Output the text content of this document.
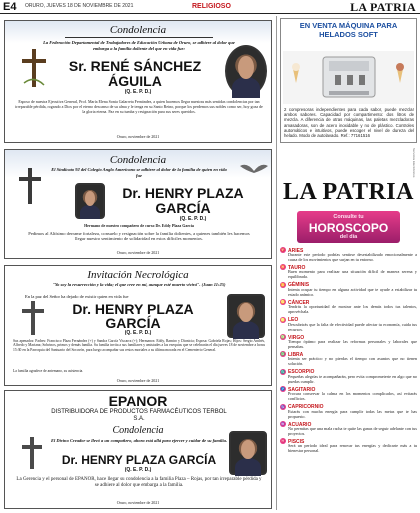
E4 ORURO, JUEVES 18 DE NOVIEMBRE DE 2021	RELIGIOSO	LA PATRIA
Condolencia
La Federación Departamental de Trabajadores de Educación Urbana de Oruro, se adhiere al dolor que embarga a la familia doliente del que en vida fue:
Sr. RENÉ SÁNCHEZ
ÁGUILA
(Q. E. P. D.)
Esposo de nuestra Ejecutiva General, Prof. María Elena Sonia Galarreta Fernández, a quien hacemos llegar nuestras más sentidas condolencias por tan irreparable pérdida, rogando a Dios por el eterno descanso de su alma y le tenga en su Santo Reino, porque los perdemos sus nobles como ser, hoy goza de la gloria eterna. Paz en su tumba y resignación para sus seres queridos.
Oruro, noviembre de 2021
Condolencia
El Sindicato 92 del Colegio Anglo Americano se adhiere al dolor de la familia de quien en vida fue
Dr. HENRY PLAZA
GARCÍA
(Q. E. P. D.)
Hermano de nuestro compañero de curso Dr. Eddy Plaza García
Pedimos al Altísimo derrame fortaleza, consuelo y resignación sobre la familia dolientes, a quienes también les hacemos llegar nuestro sentimiento de solidaridad en estos difíciles momentos.
Oruro, noviembre de 2021
Invitación Necrológica
"Yo soy la resurrección y la vida; el que cree en mí, aunque esté muerto vivirá". (Juan 11:25)
En la paz del Señor ha dejado de existir quien en vida fue
Dr. HENRY PLAZA
GARCÍA
(Q. E. P. D.)
Sus apenados: Padres: Francisco Plaza Fernández (+) y Sandra García Viscarra (+); Hermanos: Eddy, Ramiro y Dionicia; Esposa: Gabriela Rojas; Hijos: Sergio Andrés, Alfredo y Mariana; Sobrinos, primos y demás familia. Su familia invita a sus familiares y amistades a las exequias que se celebrarán el día jueves 18 de noviembre a horas 15:30 en la Parroquia del Santuario del Socavón, para luego acompañar sus restos mortales a su última morada en el Cementerio General.
La familia agradece de antemano, su asistencia.
Oruro, noviembre de 2021
EPANOR
DISTRIBUIDORA DE PRODUCTOS FARMACÉUTICOS TERBOL S.A.
Condolencia
El Divino Creador se llevó a un compañero, ahora está allá para ejercer y cuidar de su familia.
Dr. HENRY PLAZA GARCÍA
(Q. E. P. D.)
La Gerencia y el personal de EPANOR, hace llegar su condolencia a la familia Plaza – Rojas, por tan irreparable pérdida y se adhiere al dolor que embarga a la familia.
Oruro, noviembre de 2021
EN VENTA MÁQUINA PARA
HELADOS SOFT
2 compresoras independientes para cada sabor, puede mezclar ambos sabores. Capacidad por compartimento: dos litros de mezcla. A diferencia de otras máquinas, las paletas mezcladoras amasadoras, son de acero inoxidable y no de plástico. Controles automáticos e intuitivos, puede escoger el nivel de dureza del helado. Modo de autolavado. Ref.: 77161516
Servicios Electrónicos
LA PATRIA
Consulte tu
HOROSCOPO
del día
♈ ARIES
Durante este período podrías sentirse desestabilizado emocionalmente a causa de los movimientos que surjan en tu entorno.
♉ TAURO
Buen momento para realizar una situación difícil de manera serena y equilibrada.
♊ GÉMINIS
Intenta ocupar tu tiempo en alguna actividad que te ayude a estabilizar tu estado anímico.
♋ CÁNCER
Tendrás la oportunidad de mostrar ante los demás todos tus talentos, aprovéchala.
♌ LEO
Descubrirás que la falta de efectividad puede afectar tu economía, cuida tus recursos.
♍ VIRGO
Tiempo óptimo para realizar las reformas personales y laborales que pensabas.
♎ LIBRA
Intenta ser práctico y no pierdas el tiempo con asuntos que no tienen solución.
♏ ESCORPIO
Pequeñas alegrías te acompañarán, pero evita comprometerte en algo que no puedas cumplir.
♐ SAGITARIO
Procura conservar la calma en los momentos complicados, así evitarás conflictos.
♑ CAPRICORNIO
Estarás con mucha energía para cumplir todas las metas que te has propuesto.
♒ ACUARIO
No permitas que una mala racha te quite las ganas de seguir adelante con tus proyectos.
♓ PISCIS
Será un período ideal para renovar tus energías y dedicarte más a tu bienestar personal.
